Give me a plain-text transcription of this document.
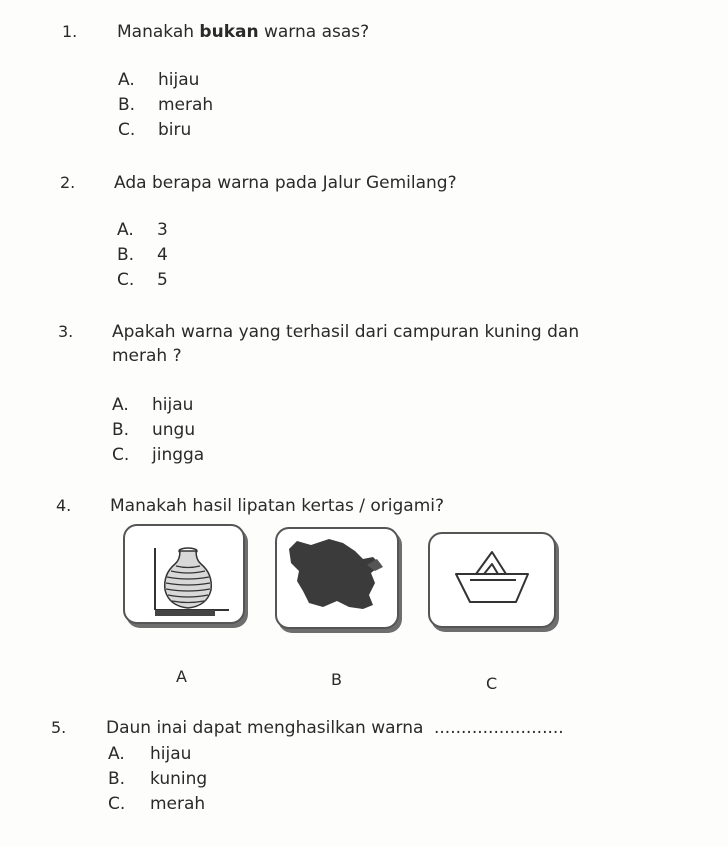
1. Manakah bukan warna asas?
A. hijau
B. merah
C. biru
2. Ada berapa warna pada Jalur Gemilang?
A. 3
B. 4
C. 5
3. Apakah warna yang terhasil dari campuran kuning dan
merah ?
A. hijau
B. ungu
C. jingga
4. Manakah hasil lipatan kertas / origami?
A	B	C
5. Daun inai dapat menghasilkan warna ........................
A. hijau
B. kuning
C. merah
